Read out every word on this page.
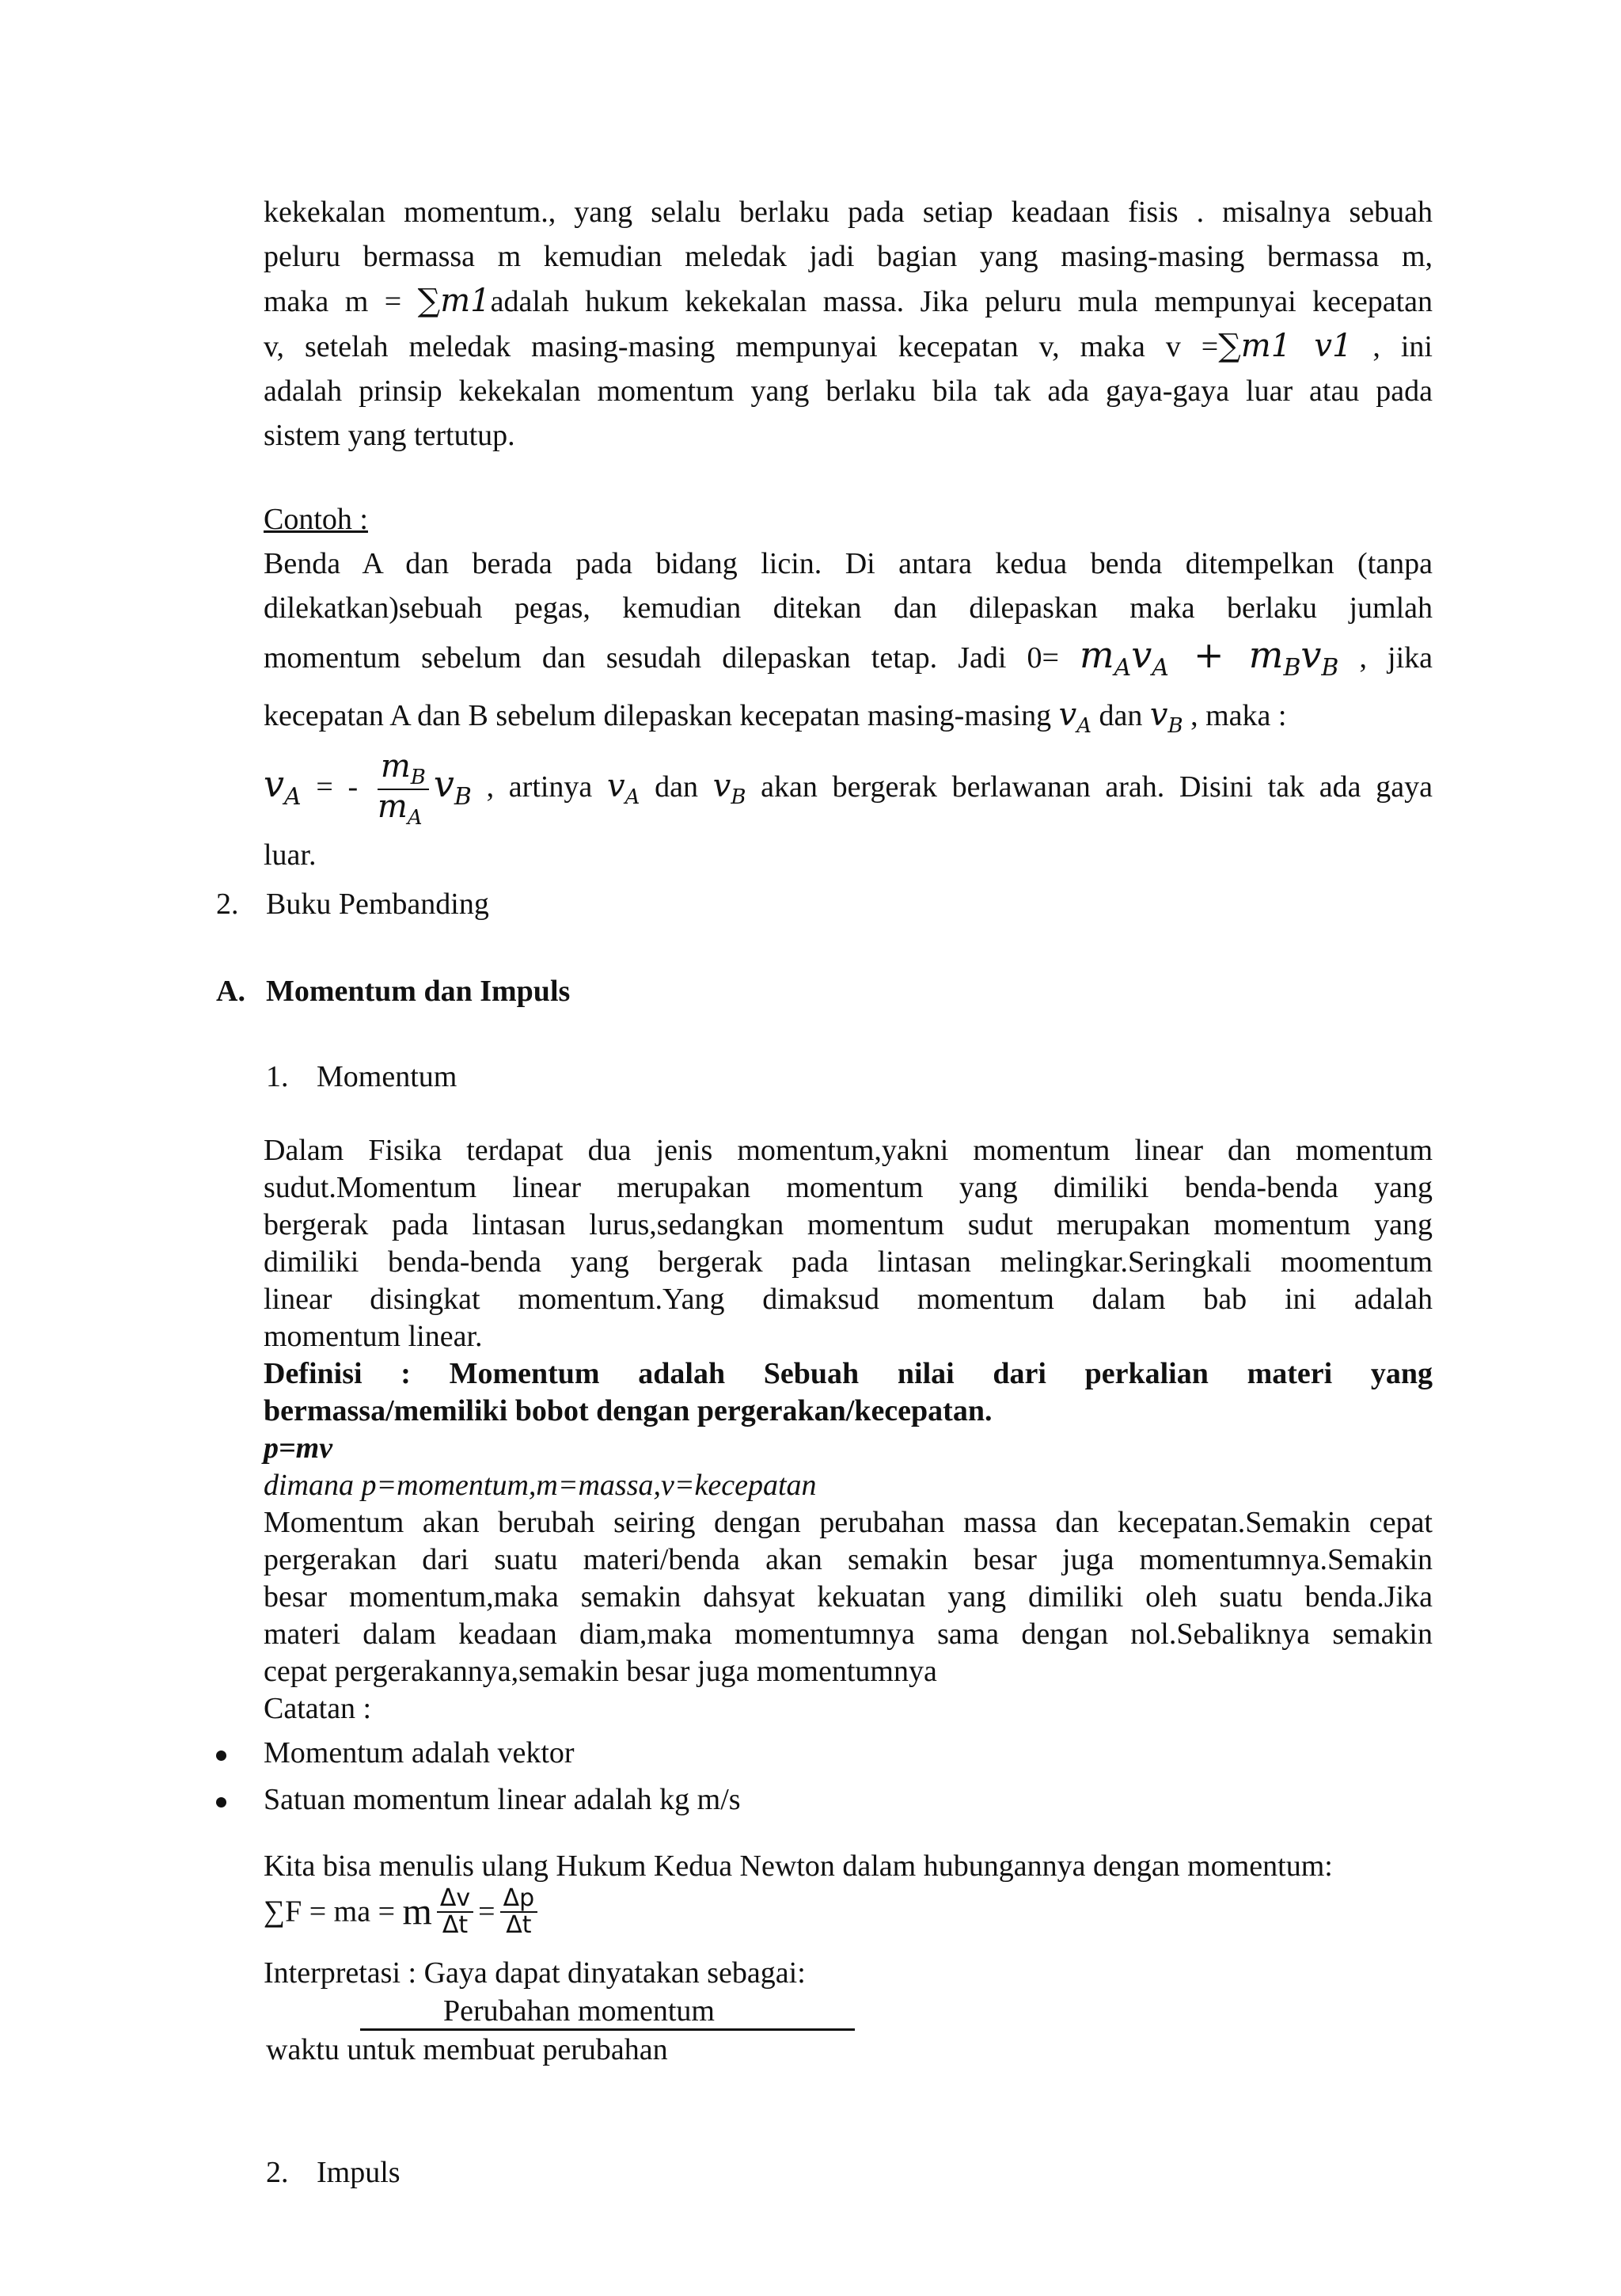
kekekalan momentum., yang selalu berlaku pada setiap keadaan fisis . misalnya sebuah

peluru bermassa m kemudian meledak jadi bagian yang masing-masing bermassa m,

maka m = ∑m1adalah hukum kekekalan massa. Jika peluru mula mempunyai kecepatan

v, setelah meledak masing-masing mempunyai kecepatan v, maka v =∑m1 v1 , ini

adalah prinsip kekekalan momentum yang berlaku bila tak ada gaya-gaya luar atau pada

sistem yang tertutup.

Contoh :

Benda A dan berada pada bidang licin. Di antara kedua benda ditempelkan (tanpa

dilekatkan)sebuah pegas, kemudian ditekan dan dilepaskan maka berlaku jumlah

momentum sebelum dan sesudah dilepaskan tetap. Jadi $0= m_Av_A + m_Bv_B$ , jika

kecepatan A dan B sebelum dilepaskan kecepatan masing-masing $v_A$ dan $v_B$ , maka :

$v_A$ = - $\frac{m_B}{m_A} v_B$ , artinya $v_A$ dan $v_B$ akan bergerak berlawanan arah. Disini tak ada gaya

luar.

2. Buku Pembanding
A. Momentum dan Impuls
1. Momentum

Dalam Fisika terdapat dua jenis momentum,yakni momentum linear dan momentum

sudut.Momentum linear merupakan momentum yang dimiliki benda-benda yang

bergerak pada lintasan lurus,sedangkan momentum sudut merupakan momentum yang

dimiliki benda-benda yang bergerak pada lintasan melingkar.Seringkali moomentum

linear disingkat momentum.Yang dimaksud momentum dalam bab ini adalah

momentum linear.

Definisi : Momentum adalah Sebuah nilai dari perkalian materi yang

bermassa/memiliki bobot dengan pergerakan/kecepatan.

p=mv

dimana p=momentum,m=massa,v=kecepatan

Momentum akan berubah seiring dengan perubahan massa dan kecepatan.Semakin cepat

pergerakan dari suatu materi/benda akan semakin besar juga momentumnya.Semakin

besar momentum,maka semakin dahsyat kekuatan yang dimiliki oleh suatu benda.Jika

materi dalam keadaan diam,maka momentumnya sama dengan nol.Sebaliknya semakin

cepat pergerakannya,semakin besar juga momentumnya

Catatan :

Momentum adalah vektor
Satuan momentum linear adalah kg m/s
Kita bisa menulis ulang Hukum Kedua Newton dalam hubungannya dengan momentum:
∑F = ma = m $\frac{\Delta v}{\Delta t} = \frac{\Delta p}{\Delta t}$
Interpretasi : Gaya dapat dinyatakan sebagai:
Perubahan momentum
waktu untuk membuat perubahan
2. Impuls
